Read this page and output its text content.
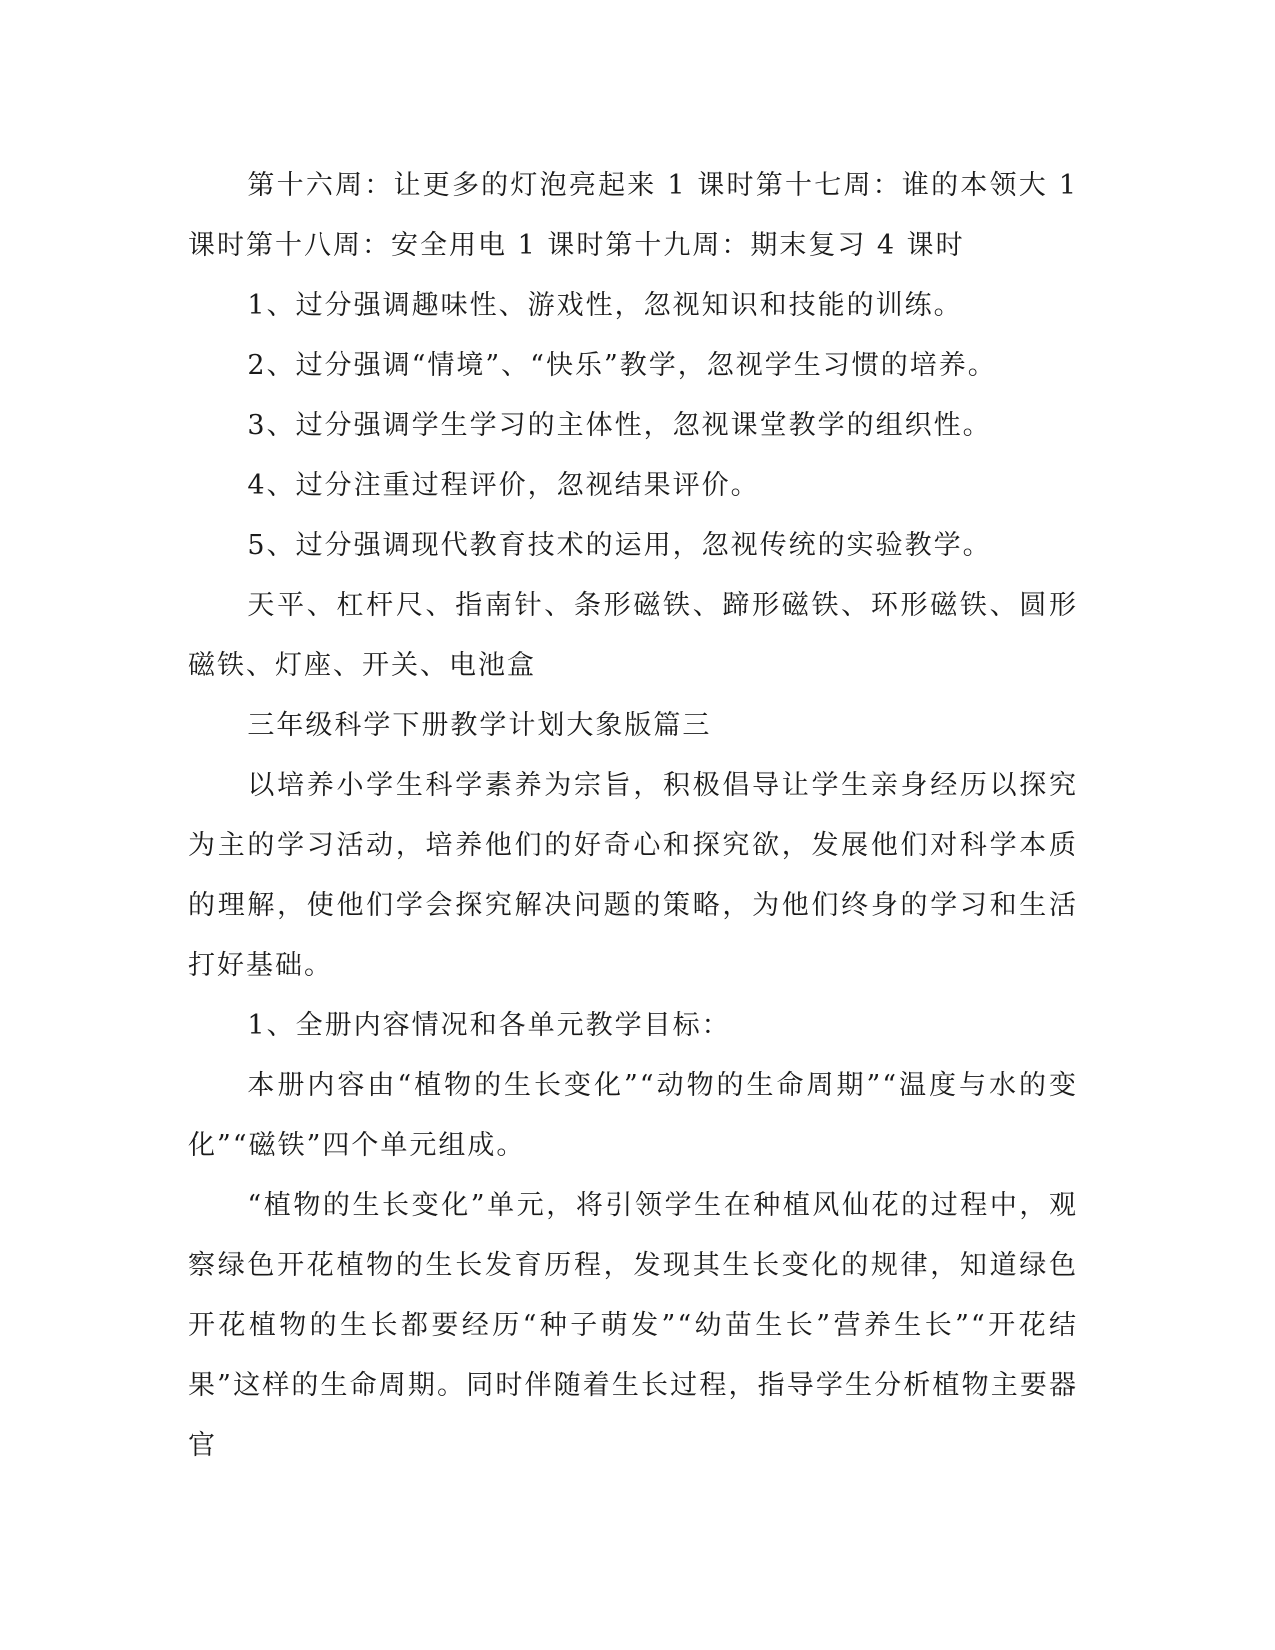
第十六周：让更多的灯泡亮起来 1 课时第十七周：谁的本领大 1 课时第十八周：安全用电 1 课时第十九周：期末复习 4 课时

1、过分强调趣味性、游戏性，忽视知识和技能的训练。

2、过分强调“情境”、“快乐”教学，忽视学生习惯的培养。

3、过分强调学生学习的主体性，忽视课堂教学的组织性。

4、过分注重过程评价，忽视结果评价。

5、过分强调现代教育技术的运用，忽视传统的实验教学。

天平、杠杆尺、指南针、条形磁铁、蹄形磁铁、环形磁铁、圆形磁铁、灯座、开关、电池盒

三年级科学下册教学计划大象版篇三

以培养小学生科学素养为宗旨，积极倡导让学生亲身经历以探究为主的学习活动，培养他们的好奇心和探究欲，发展他们对科学本质的理解，使他们学会探究解决问题的策略，为他们终身的学习和生活打好基础。

1、全册内容情况和各单元教学目标：

本册内容由“植物的生长变化”“动物的生命周期”“温度与水的变化”“磁铁”四个单元组成。

“植物的生长变化”单元，将引领学生在种植风仙花的过程中，观察绿色开花植物的生长发育历程，发现其生长变化的规律，知道绿色开花植物的生长都要经历“种子萌发”“幼苗生长”营养生长”“开花结果”这样的生命周期。同时伴随着生长过程，指导学生分析植物主要器官
